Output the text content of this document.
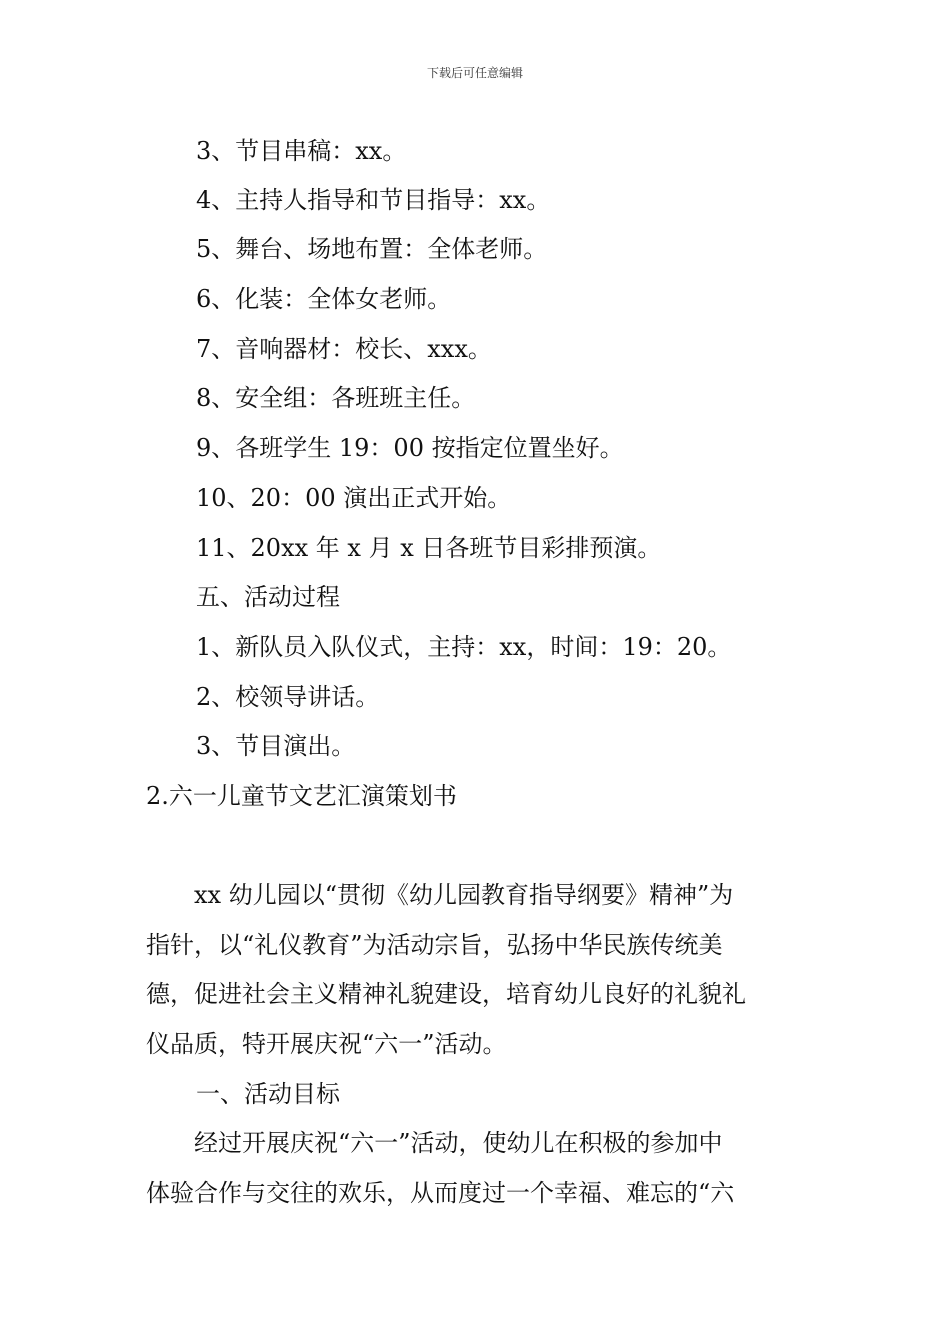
下载后可任意编辑
3、节目串稿：xx。
4、主持人指导和节目指导：xx。
5、舞台、场地布置：全体老师。
6、化装：全体女老师。
7、音响器材：校长、xxx。
8、安全组：各班班主任。
9、各班学生 19：00 按指定位置坐好。
10、20：00 演出正式开始。
11、20xx 年 x 月 x 日各班节目彩排预演。
五、活动过程
1、新队员入队仪式，主持：xx，时间：19：20。
2、校领导讲话。
3、节目演出。
2.六一儿童节文艺汇演策划书
　　xx 幼儿园以“贯彻《幼儿园教育指导纲要》精神”为
指针，以“礼仪教育”为活动宗旨，弘扬中华民族传统美
德，促进社会主义精神礼貌建设，培育幼儿良好的礼貌礼
仪品质，特开展庆祝“六一”活动。
一、活动目标
　　经过开展庆祝“六一”活动，使幼儿在积极的参加中
体验合作与交往的欢乐，从而度过一个幸福、难忘的“六
